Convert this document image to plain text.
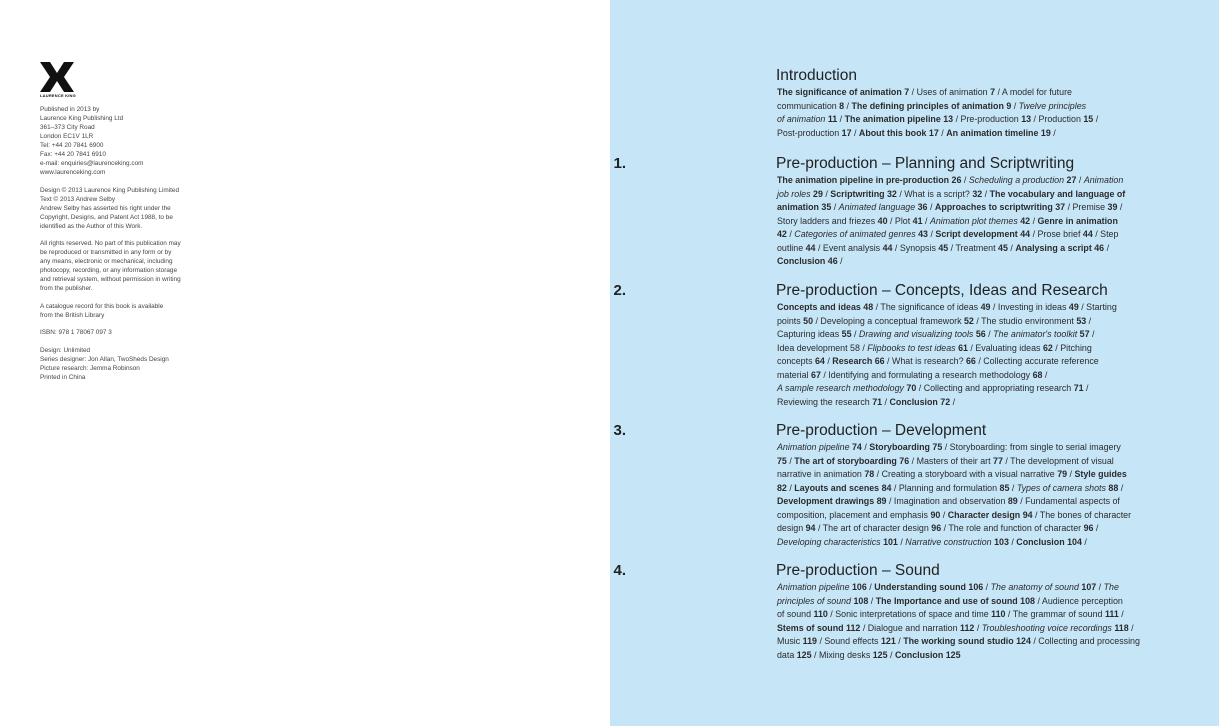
LAURENCE KING

Published in 2013 by
Laurence King Publishing Ltd
361–373 City Road
London EC1V 1LR
Tel: +44 20 7841 6900
Fax: +44 20 7841 6910
e-mail: enquiries@laurenceking.com
www.laurenceking.com

Design © 2013 Laurence King Publishing Limited
Text © 2013 Andrew Selby
Andrew Selby has asserted his right under the
Copyright, Designs, and Patent Act 1988, to be
identified as the Author of this Work.

All rights reserved. No part of this publication may
be reproduced or transmitted in any form or by
any means, electronic or mechanical, including
photocopy, recording, or any information storage
and retrieval system, without permission in writing
from the publisher.

A catalogue record for this book is available
from the British Library

ISBN: 978 1 78067 097 3

Design: Unlimited
Series designer: Jon Allan, TwoSheds Design
Picture research: Jemma Robinson
Printed in China

Introduction
The significance of animation 7 / Uses of animation 7 / A model for future
communication 8 / The defining principles of animation 9 / Twelve principles
of animation 11 / The animation pipeline 13 / Pre-production 13 / Production 15 /
Post-production 17 / About this book 17 / An animation timeline 19 /
1.	Pre-production – Planning and Scriptwriting
The animation pipeline in pre-production 26 / Scheduling a production 27 / Animation
job roles 29 / Scriptwriting 32 / What is a script? 32 / The vocabulary and language of
animation 35 / Animated language 36 / Approaches to scriptwriting 37 / Premise 39 /
Story ladders and friezes 40 / Plot 41 / Animation plot themes 42 / Genre in animation
42 / Categories of animated genres 43 / Script development 44 / Prose brief 44 / Step
outline 44 / Event analysis 44 / Synopsis 45 / Treatment 45 / Analysing a script 46 /
Conclusion 46 /
2.	Pre-production – Concepts, Ideas and Research
Concepts and ideas 48 / The significance of ideas 49 / Investing in ideas 49 / Starting
points 50 / Developing a conceptual framework 52 / The studio environment 53 /
Capturing ideas 55 / Drawing and visualizing tools 56 / The animator's toolkit 57 /
Idea development 58 / Flipbooks to test ideas 61 / Evaluating ideas 62 / Pitching
concepts 64 / Research 66 / What is research? 66 / Collecting accurate reference
material 67 / Identifying and formulating a research methodology 68 /
A sample research methodology 70 / Collecting and appropriating research 71 /
Reviewing the research 71 / Conclusion 72 /
3.	Pre-production – Development
Animation pipeline 74 / Storyboarding 75 / Storyboarding: from single to serial imagery
75 / The art of storyboarding 76 / Masters of their art 77 / The development of visual
narrative in animation 78 / Creating a storyboard with a visual narrative 79 / Style guides
82 / Layouts and scenes 84 / Planning and formulation 85 / Types of camera shots 88 /
Development drawings 89 / Imagination and observation 89 / Fundamental aspects of
composition, placement and emphasis 90 / Character design 94 / The bones of character
design 94 / The art of character design 96 / The role and function of character 96 /
Developing characteristics 101 / Narrative construction 103 / Conclusion 104 /
4.	Pre-production – Sound
Animation pipeline 106 / Understanding sound 106 / The anatomy of sound 107 / The
principles of sound 108 / The Importance and use of sound 108 / Audience perception
of sound 110 / Sonic interpretations of space and time 110 / The grammar of sound 111 /
Stems of sound 112 / Dialogue and narration 112 / Troubleshooting voice recordings 118 /
Music 119 / Sound effects 121 / The working sound studio 124 / Collecting and processing
data 125 / Mixing desks 125 / Conclusion 125
